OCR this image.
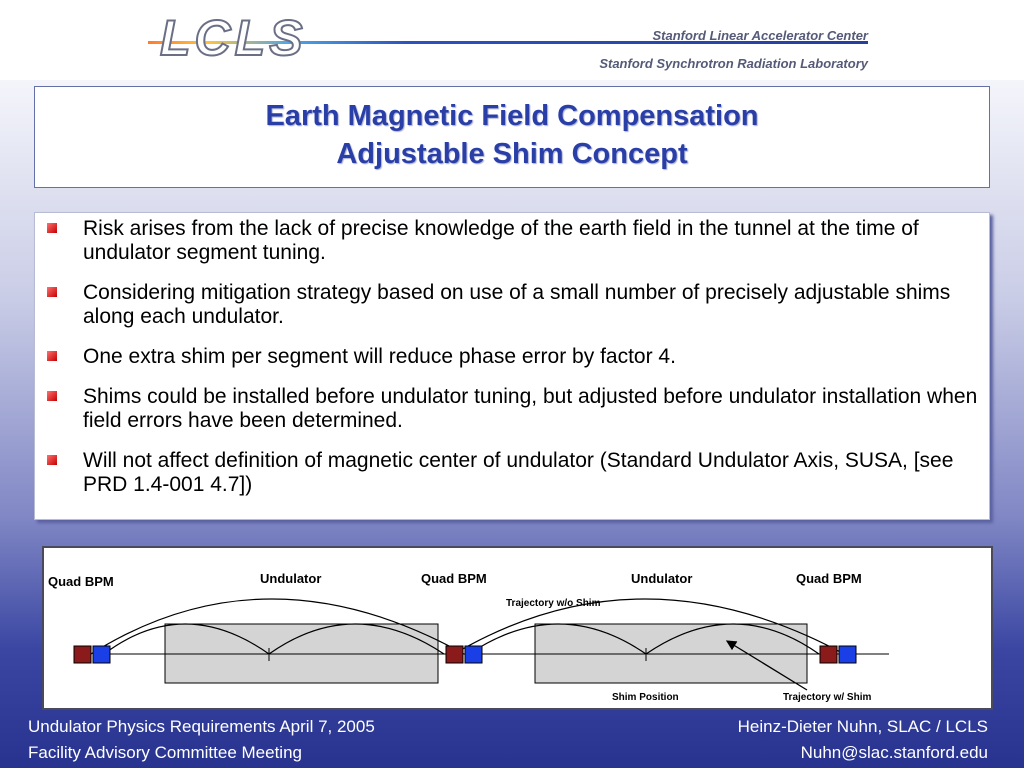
LCLS	Stanford Linear Accelerator Center
Stanford Synchrotron Radiation Laboratory
Earth Magnetic Field Compensation
Adjustable Shim Concept
Risk arises from the lack of precise knowledge of the earth field in the tunnel at the time of undulator segment tuning.
Considering mitigation strategy based on use of a small number of precisely adjustable shims along each undulator.
One extra shim per segment will reduce phase error by factor 4.
Shims could be installed before undulator tuning, but adjusted before undulator installation when field errors have been determined.
Will not affect definition of magnetic center of undulator (Standard Undulator Axis, SUSA, [see PRD 1.4-001 4.7])
Quad BPM	Undulator	Quad BPM	Undulator	Quad BPM
Trajectory w/o Shim
Shim Position	Trajectory w/ Shim
Undulator Physics Requirements April 7, 2005
Facility Advisory Committee Meeting
Heinz-Dieter Nuhn, SLAC / LCLS
Nuhn@slac.stanford.edu
